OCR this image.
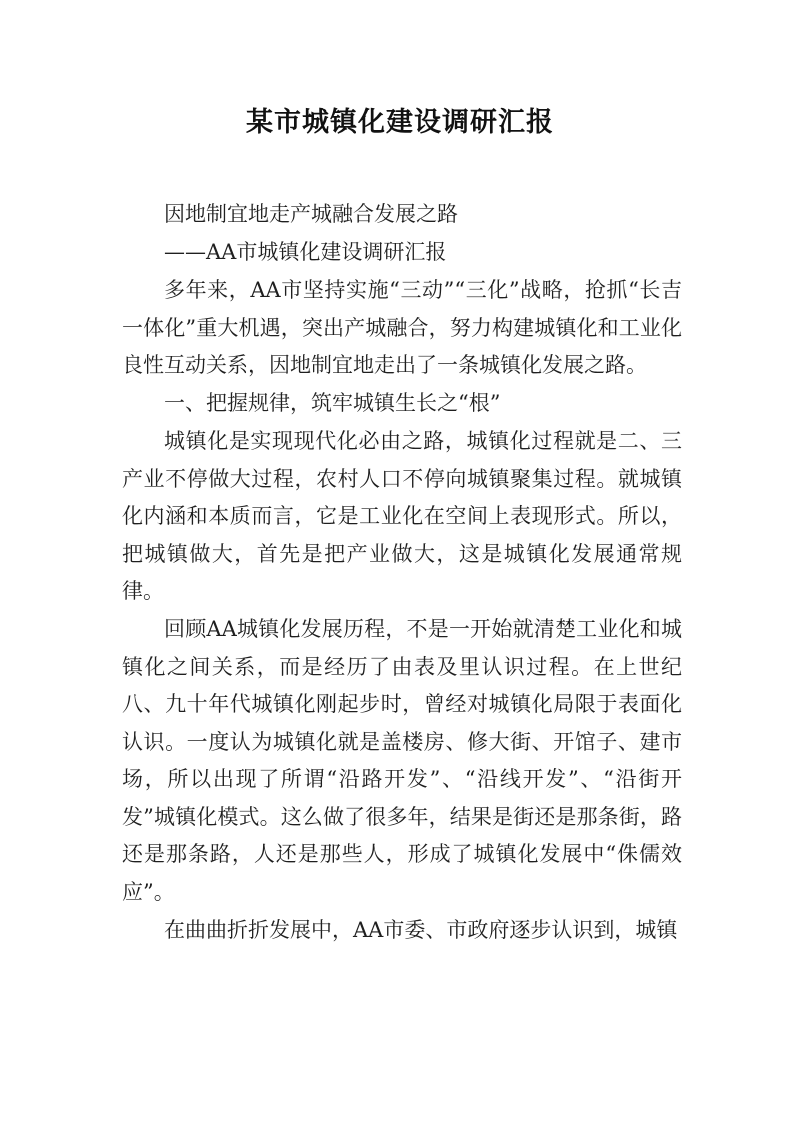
某市城镇化建设调研汇报

因地制宜地走产城融合发展之路

——AA市城镇化建设调研汇报

多年来，AA市坚持实施“三动”“三化”战略，抢抓“长吉一体化”重大机遇，突出产城融合，努力构建城镇化和工业化良性互动关系，因地制宜地走出了一条城镇化发展之路。

一、把握规律，筑牢城镇生长之“根”

城镇化是实现现代化必由之路，城镇化过程就是二、三产业不停做大过程，农村人口不停向城镇聚集过程。就城镇化内涵和本质而言，它是工业化在空间上表现形式。所以，把城镇做大，首先是把产业做大，这是城镇化发展通常规律。

回顾AA城镇化发展历程，不是一开始就清楚工业化和城镇化之间关系，而是经历了由表及里认识过程。在上世纪八、九十年代城镇化刚起步时，曾经对城镇化局限于表面化认识。一度认为城镇化就是盖楼房、修大街、开馆子、建市场，所以出现了所谓“沿路开发”、“沿线开发”、“沿街开发”城镇化模式。这么做了很多年，结果是街还是那条街，路还是那条路，人还是那些人，形成了城镇化发展中“侏儒效应”。

在曲曲折折发展中，AA市委、市政府逐步认识到，城镇
